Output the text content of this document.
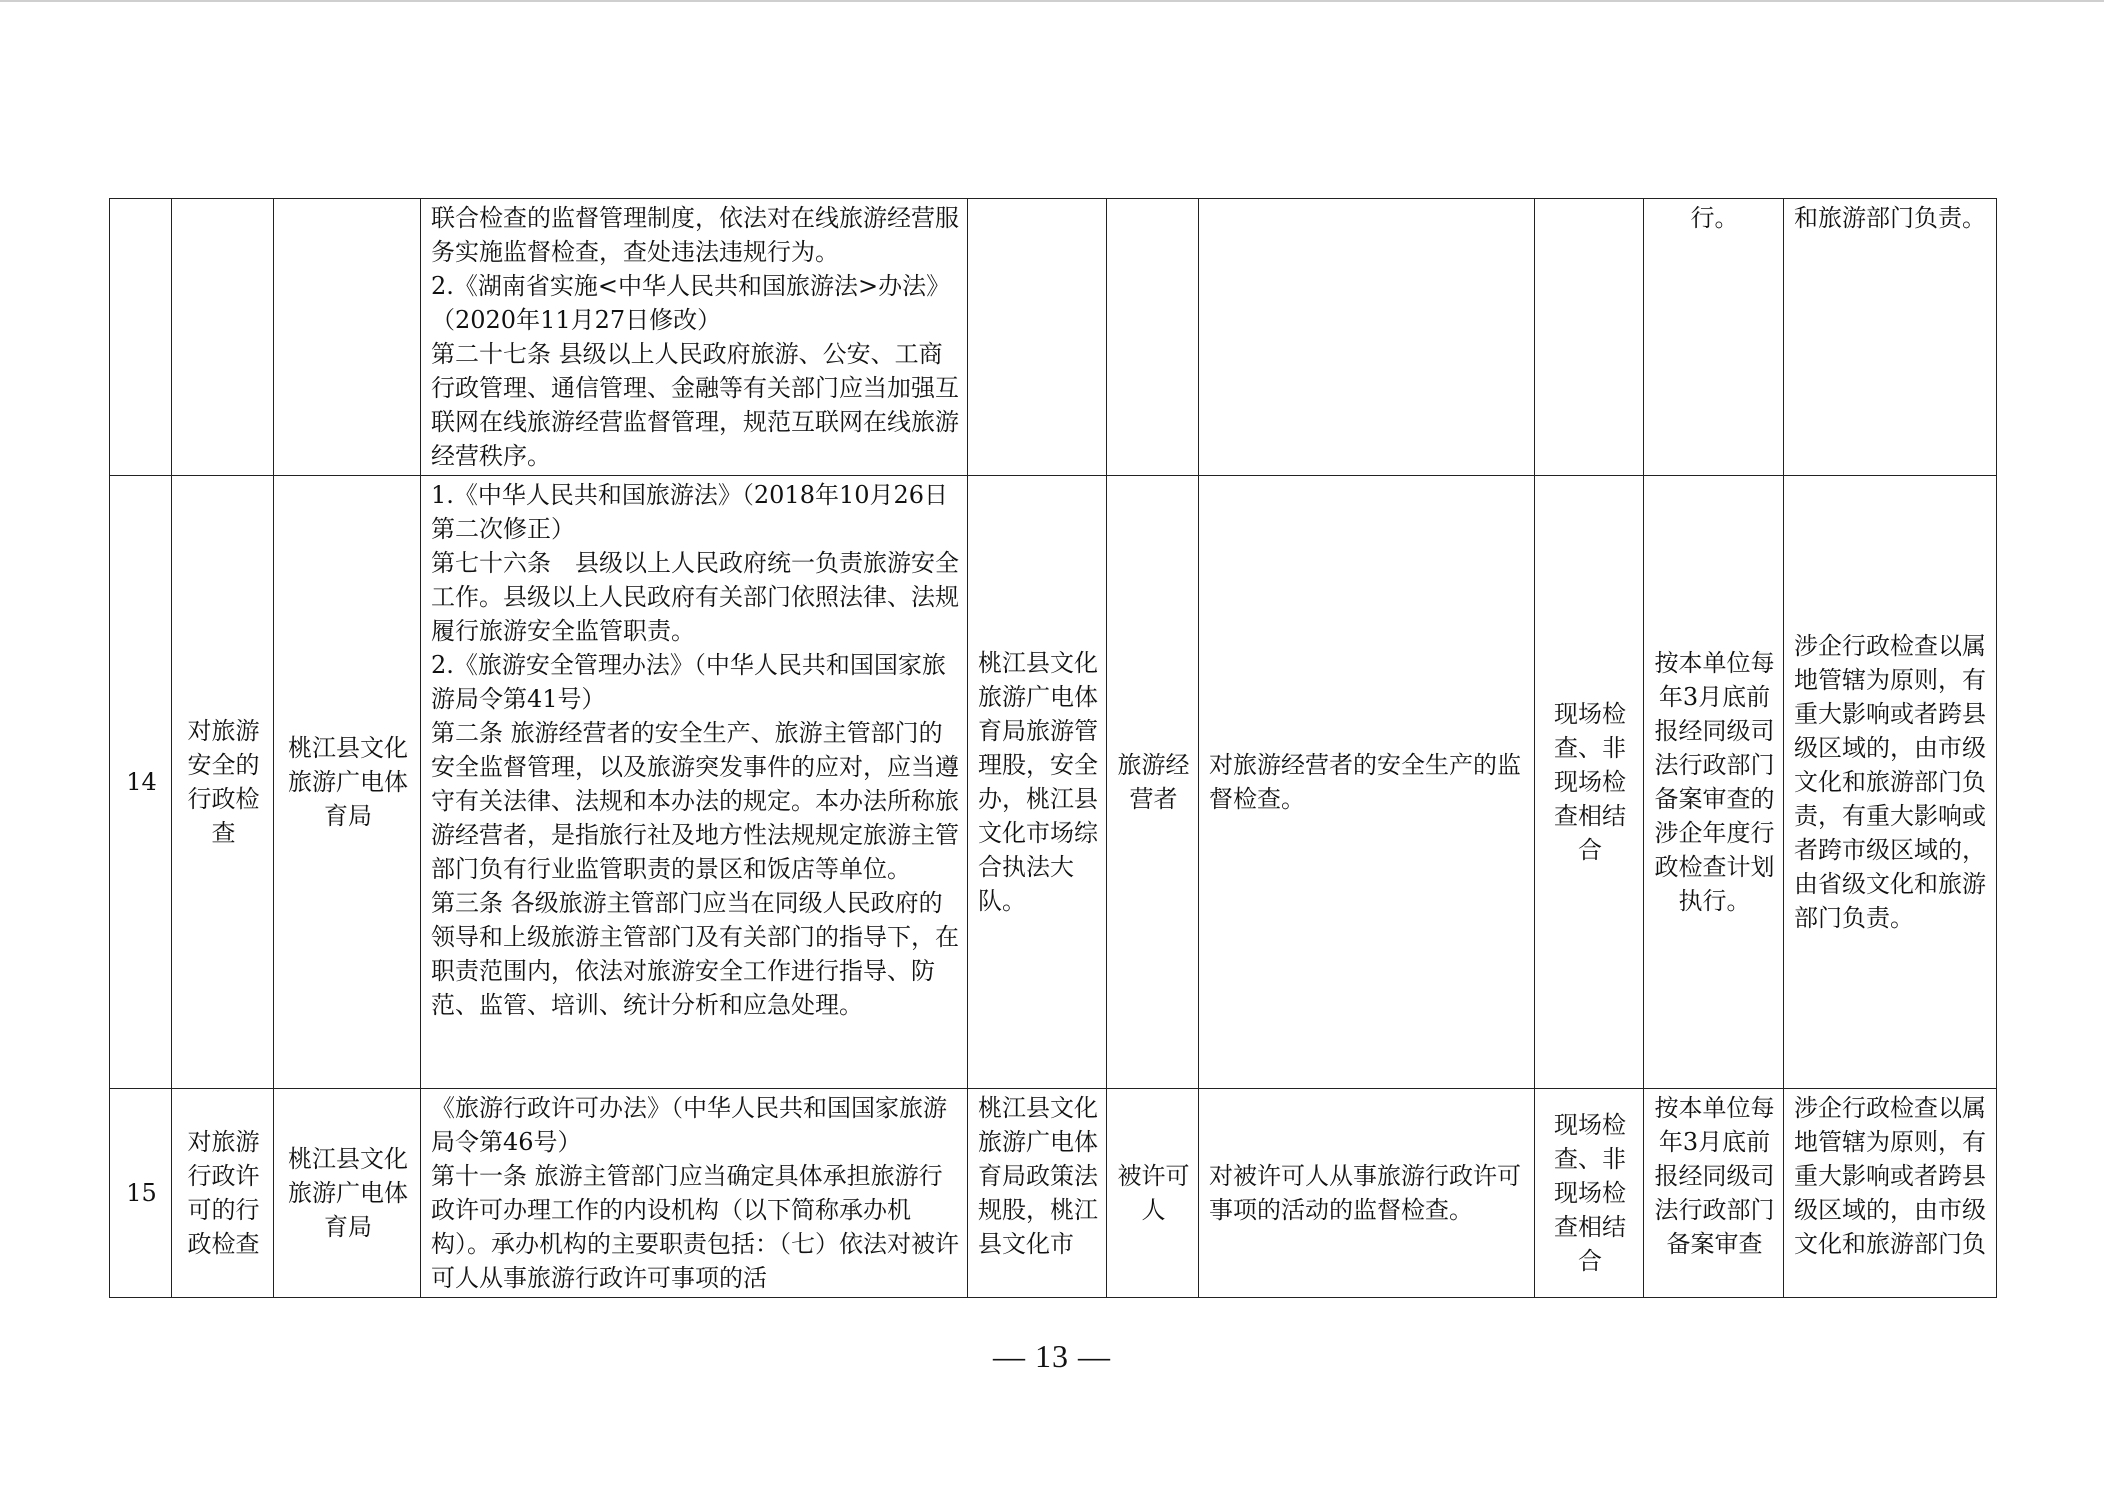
			联合检查的监督管理制度，依法对在线旅游经营服务实施监督检查，查处违法违规行为。
2.《湖南省实施<中华人民共和国旅游法>办法》（2020年11月27日修改）
第二十七条 县级以上人民政府旅游、公安、工商行政管理、通信管理、金融等有关部门应当加强互联网在线旅游经营监督管理，规范互联网在线旅游经营秩序。					行。	和旅游部门负责。
14	对旅游安全的行政检查	桃江县文化旅游广电体育局	1.《中华人民共和国旅游法》（2018年10月26日第二次修正）
第七十六条　县级以上人民政府统一负责旅游安全工作。县级以上人民政府有关部门依照法律、法规履行旅游安全监管职责。
2.《旅游安全管理办法》（中华人民共和国国家旅游局令第41号）
第二条 旅游经营者的安全生产、旅游主管部门的安全监督管理，以及旅游突发事件的应对，应当遵守有关法律、法规和本办法的规定。本办法所称旅游经营者，是指旅行社及地方性法规规定旅游主管部门负有行业监管职责的景区和饭店等单位。
第三条 各级旅游主管部门应当在同级人民政府的领导和上级旅游主管部门及有关部门的指导下，在职责范围内，依法对旅游安全工作进行指导、防范、监管、培训、统计分析和应急处理。	桃江县文化旅游广电体育局旅游管理股，安全办，桃江县文化市场综合执法大队。	旅游经营者	对旅游经营者的安全生产的监督检查。	现场检查、非现场检查相结合	按本单位每年3月底前报经同级司法行政部门备案审查的涉企年度行政检查计划执行。	涉企行政检查以属地管辖为原则，有重大影响或者跨县级区域的，由市级文化和旅游部门负责，有重大影响或者跨市级区域的，由省级文化和旅游部门负责。
15	对旅游行政许可的行政检查	桃江县文化旅游广电体育局	《旅游行政许可办法》（中华人民共和国国家旅游局令第46号）
第十一条 旅游主管部门应当确定具体承担旅游行政许可办理工作的内设机构（以下简称承办机构）。承办机构的主要职责包括：（七）依法对被许可人从事旅游行政许可事项的活	桃江县文化旅游广电体育局政策法规股，桃江县文化市	被许可人	对被许可人从事旅游行政许可事项的活动的监督检查。	现场检查、非现场检查相结合	按本单位每年3月底前报经同级司法行政部门备案审查	涉企行政检查以属地管辖为原则，有重大影响或者跨县级区域的，由市级文化和旅游部门负
— 13 —
